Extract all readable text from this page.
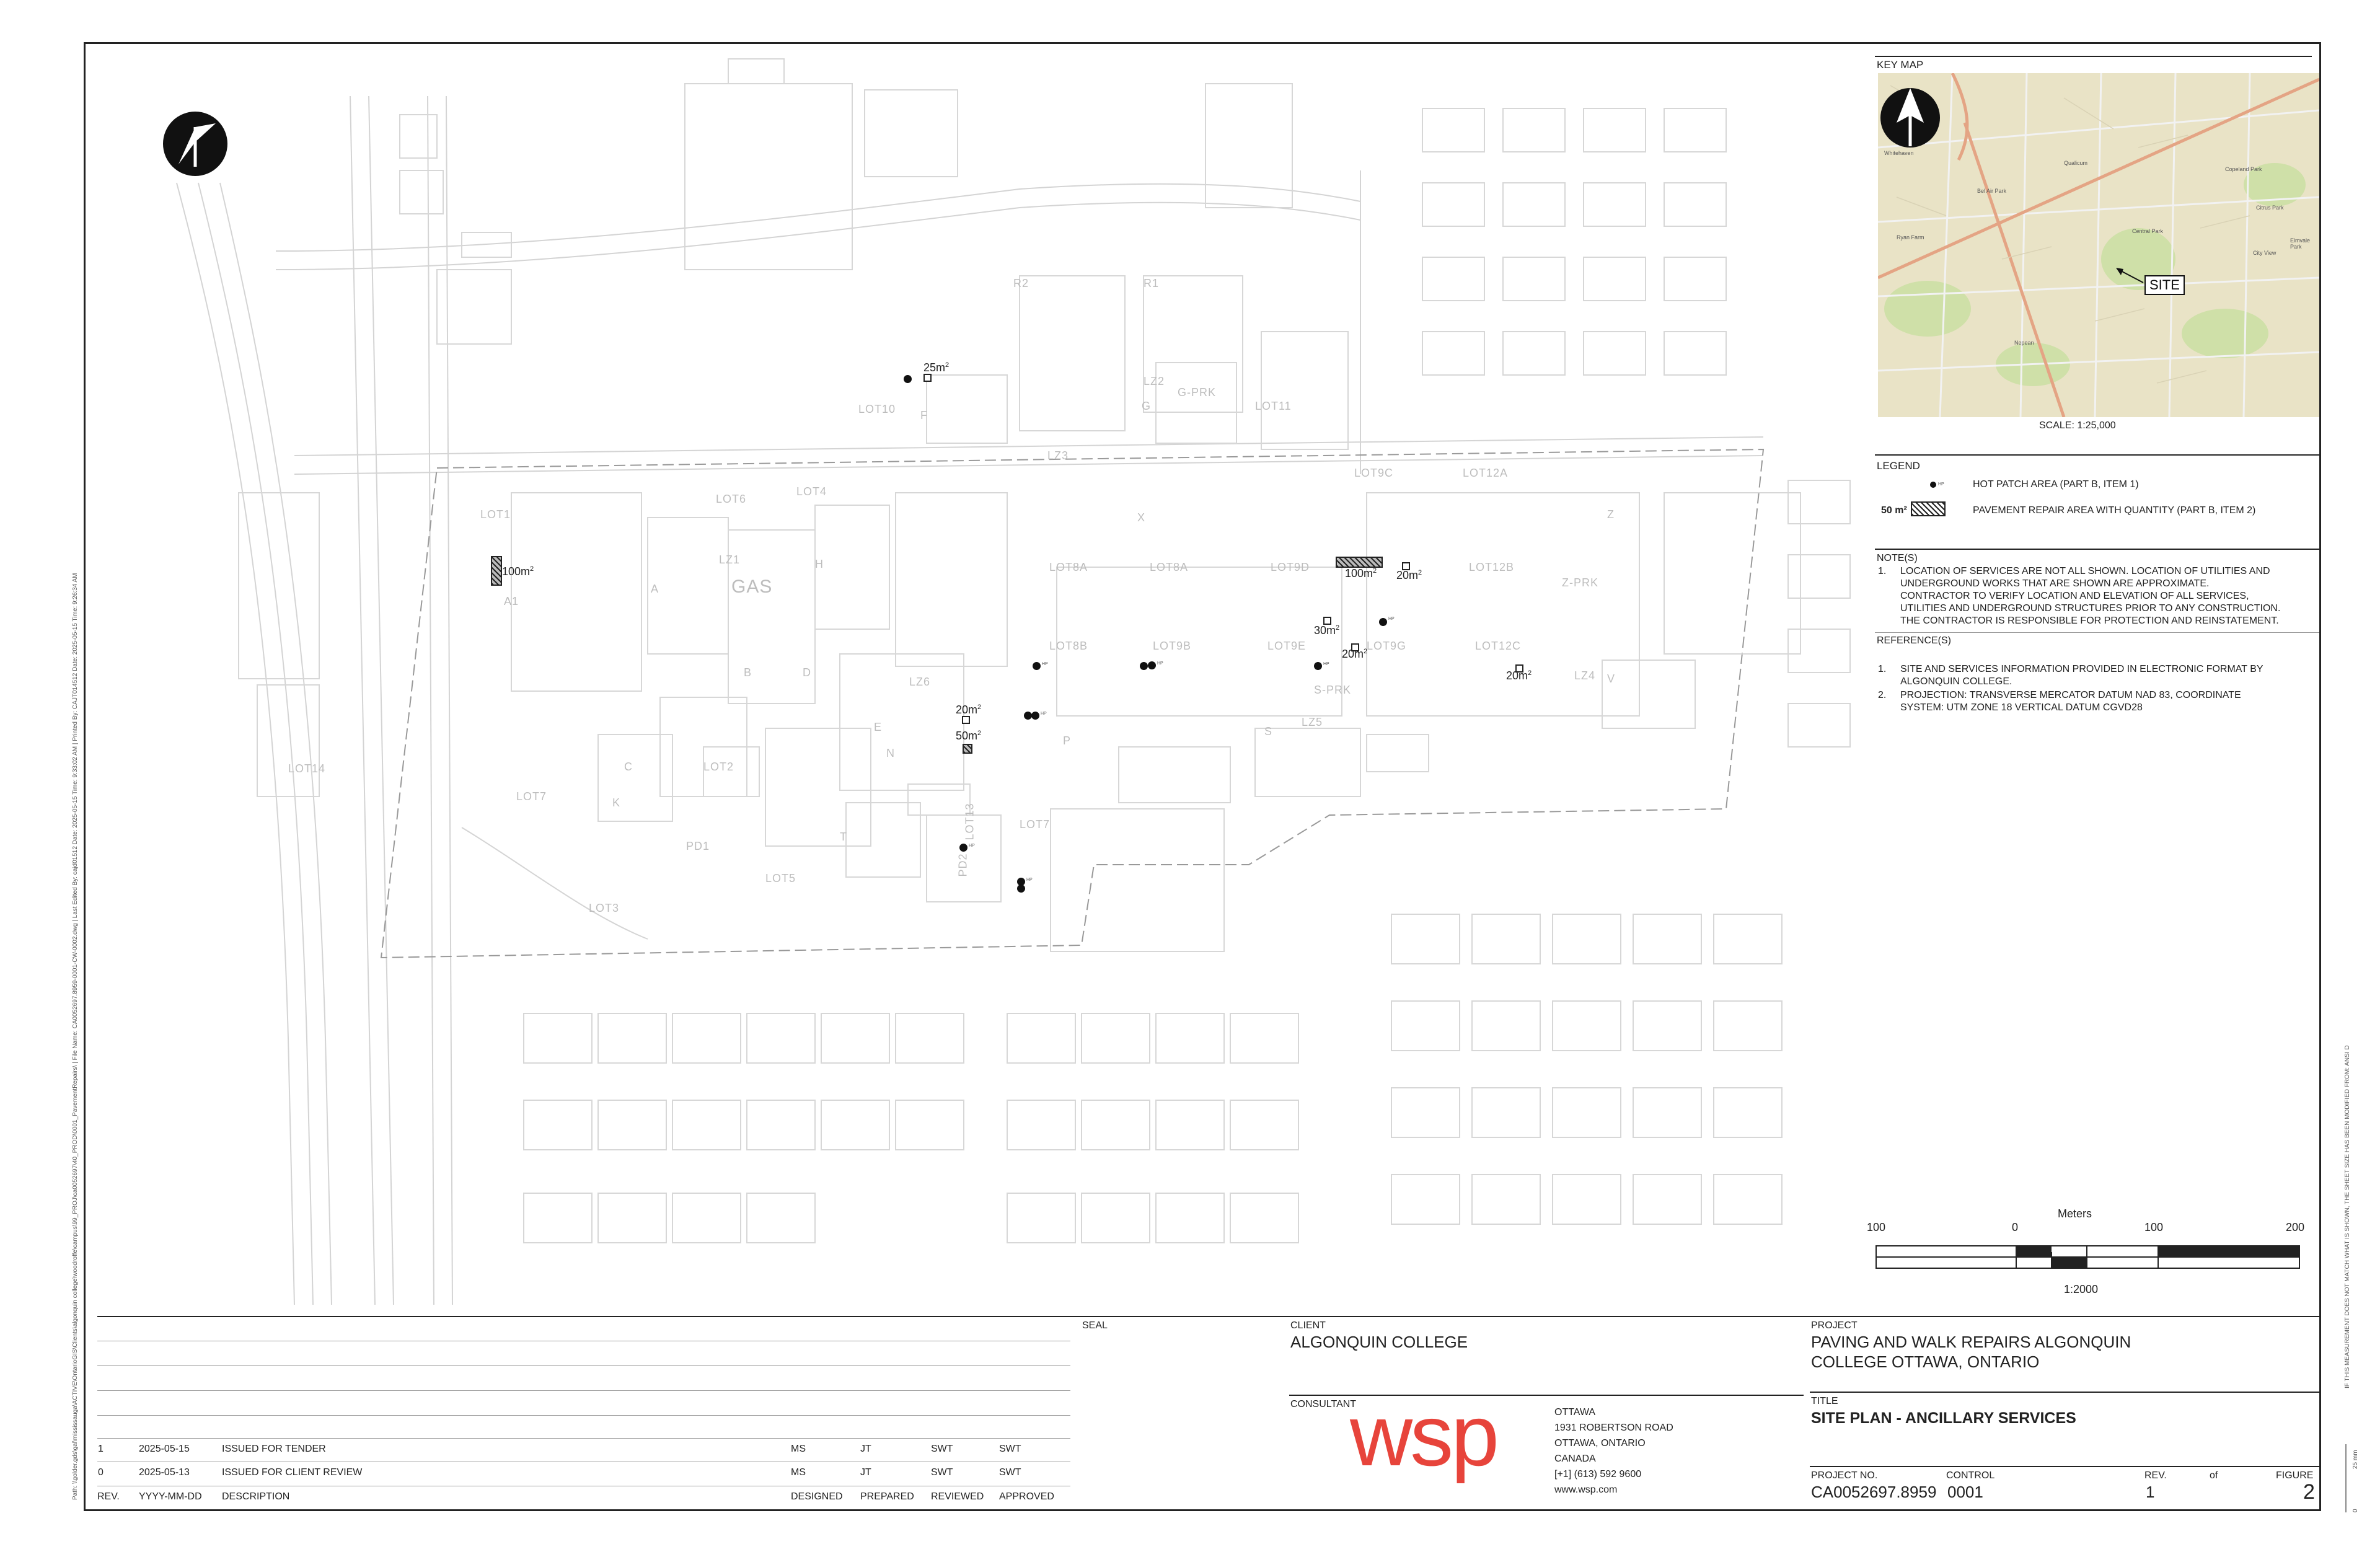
Path: \\golder.gds\gal\mississauga\ACTIVE\OntarioGIS\Clients\algonquin college\woodroffe\campus\99_PROJ\ca0052697\40_PROD\0001_PavementRepairs\ | File Name: CA0052697.8959-0001-CW-0002.dwg | Last Edited By: cajd01512 Date: 2025-05-15 Time: 9:33:02 AM | Printed By: CAJT014512 Date: 2025-05-15 Time: 9:26:34 AM	IF THIS MEASUREMENT DOES NOT MATCH WHAT IS SHOWN, THE SHEET SIZE HAS BEEN MODIFIED FROM: ANSI D
25 mm
0
LOT1
A1
A
LOT4
LOT6
LZ1
GAS
C	LOT2
LOT14
LOT7
PD1
LOT5
LOT3
LOT10 F
R2	R1
LZ2
G-PRK
G	LOT11
LZ3
LOT8A	LOT8A	LOT9D
LOT9C	LOT12A
LOT12B
LOT8B	LOT9B	LOT9E	LOT9G	LOT12C
LZ4
Z-PRK
V
S-PRK
LZ5
S
LZ6
LOT13
PD2
LOT7
B	D
P
N
T
K
Z
E
H
X
$25m^2$
$100m^2$	$100m^2$ $20m^2$
$30m^2$
$20m^2$
$20m^2$
$20m^2$
$50m^2$
HP
HP	HP	HP
HP
HP
HP
KEY MAP
Whitehaven
Bel Air Park
Copeland Park
Ryan Farm
Citrus Park
Nepean
Central Park
Qualicum
City View
Elmvale Park
SITE
SCALE: 1:25,000
LEGEND
HP	HOT PATCH AREA (PART B, ITEM 1)
50 m²	PAVEMENT REPAIR AREA WITH QUANTITY (PART B, ITEM 2)
NOTE(S)
1. LOCATION OF SERVICES ARE NOT ALL SHOWN. LOCATION OF UTILITIES AND
UNDERGROUND WORKS THAT ARE SHOWN ARE APPROXIMATE.
CONTRACTOR TO VERIFY LOCATION AND ELEVATION OF ALL SERVICES,
UTILITIES AND UNDERGROUND STRUCTURES PRIOR TO ANY CONSTRUCTION.
THE CONTRACTOR IS RESPONSIBLE FOR PROTECTION AND REINSTATEMENT.
REFERENCE(S)
1. SITE AND SERVICES INFORMATION PROVIDED IN ELECTRONIC FORMAT BY
ALGONQUIN COLLEGE.
2. PROJECTION: TRANSVERSE MERCATOR DATUM NAD 83, COORDINATE
SYSTEM: UTM ZONE 18 VERTICAL DATUM CGVD28
Meters
100	0	100	200
1:2000
1	2025-05-15	ISSUED FOR TENDER	MS	JT	SWT	SWT
0	2025-05-13	ISSUED FOR CLIENT REVIEW	MS	JT	SWT	SWT
REV. YYYY-MM-DD DESCRIPTION	DESIGNED PREPARED REVIEWED APPROVED
SEAL	CLIENT
ALGONQUIN COLLEGE
CONSULTANT
wsp	OTTAWA
1931 ROBERTSON ROAD
OTTAWA, ONTARIO
CANADA
[+1] (613) 592 9600
www.wsp.com
PROJECT
PAVING AND WALK REPAIRS ALGONQUIN
COLLEGE OTTAWA, ONTARIO
TITLE
SITE PLAN - ANCILLARY SERVICES
PROJECT NO.
CA0052697.8959
CONTROL
0001
REV.
1
of	FIGURE
2
